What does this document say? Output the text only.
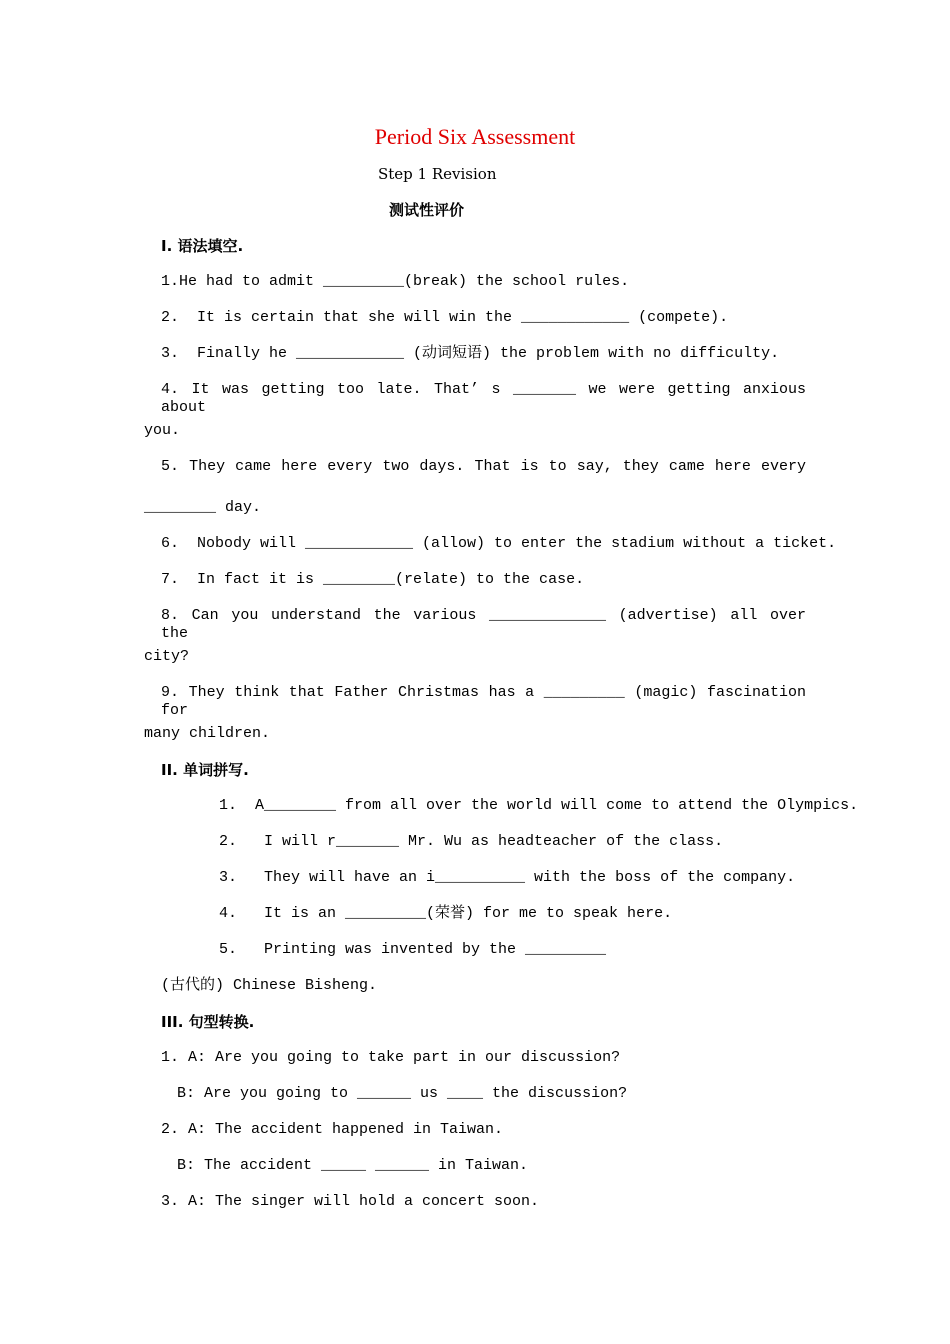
Period Six Assessment
Step 1 Revision
测试性评价
I. 语法填空.
1.He had to admit _________(break) the school rules.
2.  It is certain that she will win the ____________ (compete).
3.  Finally he ____________ (动词短语) the problem with no difficulty.
4. It was getting too late. That’ s _______ we were getting anxious about
you.
5. They came here every two days. That is to say, they came here every
________ day.
6.  Nobody will ____________ (allow) to enter the stadium without a ticket.
7.  In fact it is ________(relate) to the case.
8. Can you understand the various _____________ (advertise) all over the
city?
9. They think that Father Christmas has a _________ (magic) fascination for
many children.
II. 单词拼写.
1.  A________ from all over the world will come to attend the Olympics.
2.   I will r_______ Mr. Wu as headteacher of the class.
3.   They will have an i__________ with the boss of the company.
4.   It is an _________(荣誉) for me to speak here.
5.   Printing was invented by the _________
(古代的) Chinese Bisheng.
III. 句型转换.
1. A: Are you going to take part in our discussion?
B: Are you going to ______ us ____ the discussion?
2. A: The accident happened in Taiwan.
B: The accident _____ ______ in Taiwan.
3. A: The singer will hold a concert soon.
